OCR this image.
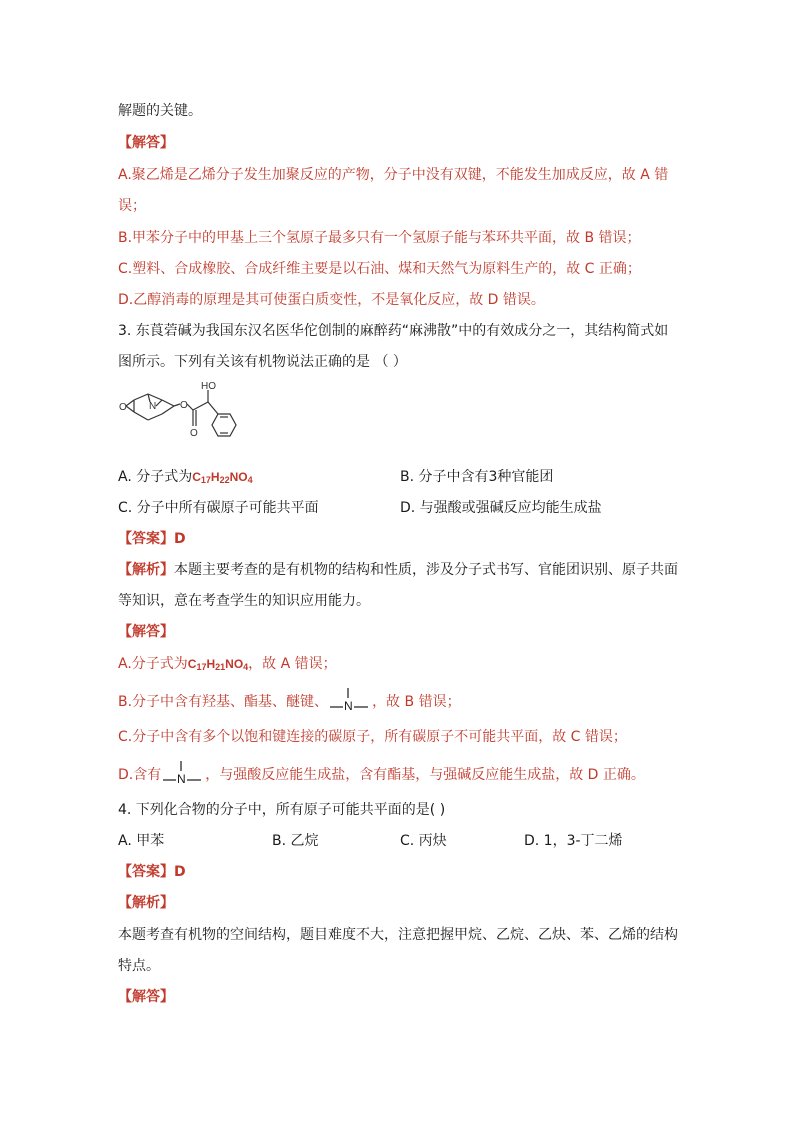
解题的关键。
【解答】
A.聚乙烯是乙烯分子发生加聚反应的产物，分子中没有双键，不能发生加成反应，故 A 错
误；
B.甲苯分子中的甲基上三个氢原子最多只有一个氢原子能与苯环共平面，故 B 错误；
C.塑料、合成橡胶、合成纤维主要是以石油、煤和天然气为原料生产的，故 C 正确；
D.乙醇消毒的原理是其可使蛋白质变性，不是氧化反应，故 D 错误。
3. 东莨菪碱为我国东汉名医华佗创制的麻醉药“麻沸散”中的有效成分之一，其结构简式如
图所示。下列有关该有机物说法正确的是 （ ）
O N O
O
HO
A. 分子式为$C_{17}H_{22}NO_4$	B. 分子中含有3种官能团
C. 分子中所有碳原子可能共平面	D. 与强酸或强碱反应均能生成盐
【答案】D
【解析】本题主要考查的是有机物的结构和性质，涉及分子式书写、官能团识别、原子共面
等知识，意在考查学生的知识应用能力。
【解答】
A.分子式为$C_{17}H_{21}NO_4$，故 A 错误；
B.分子中含有羟基、酯基、醚键、 N ，故 B 错误；
C.分子中含有多个以饱和键连接的碳原子，所有碳原子不可能共平面，故 C 错误；
D.含有 N ，与强酸反应能生成盐，含有酯基，与强碱反应能生成盐，故 D 正确。
4. 下列化合物的分子中，所有原子可能共平面的是( )
A. 甲苯	B. 乙烷	C. 丙炔	D. 1，3-丁二烯
【答案】D
【解析】
本题考查有机物的空间结构，题目难度不大，注意把握甲烷、乙烷、乙炔、苯、乙烯的结构
特点。
【解答】
